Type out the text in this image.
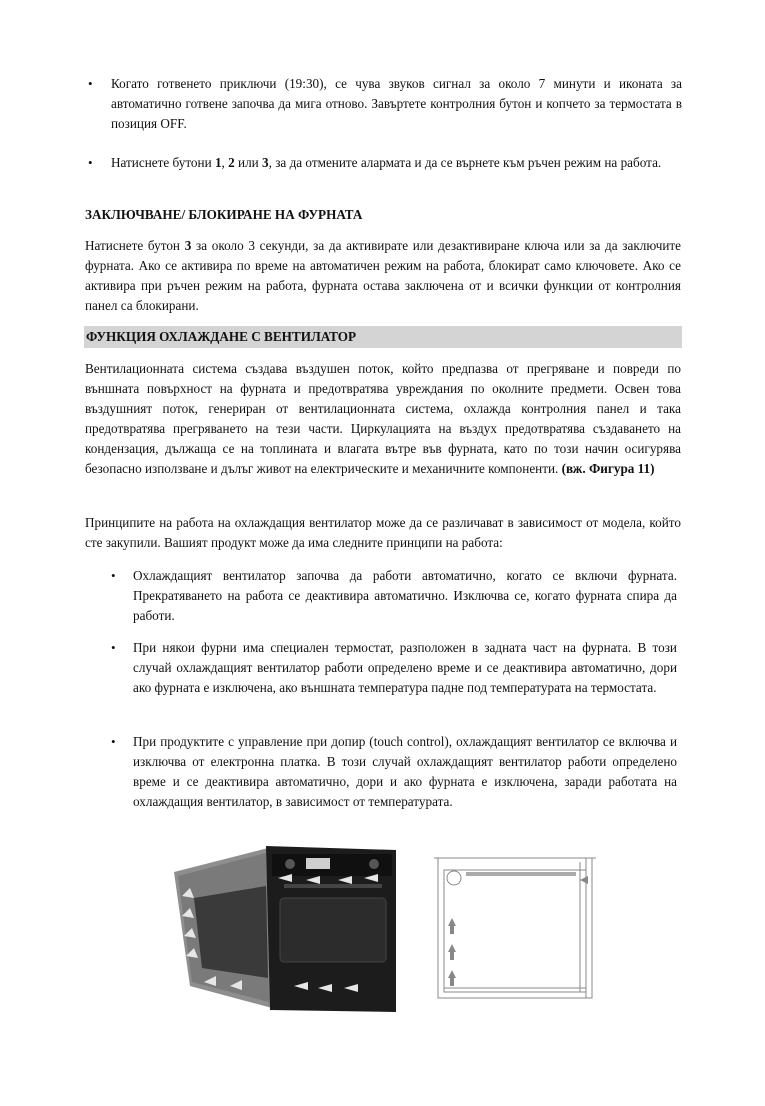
• Когато готвенето приключи (19:30), се чува звуков сигнал за около 7 минути и иконата за автоматично готвене започва да мига отново. Завъртете контролния бутон и копчето за термостата в позиция OFF.

• Натиснете бутони 1, 2 или 3, за да отмените алармата и да се върнете към ръчен режим на работа.

ЗАКЛЮЧВАНЕ/ БЛОКИРАНЕ НА ФУРНАТА

Натиснете бутон 3 за около 3 секунди, за да активирате или дезактивиране ключа или за да заключите фурната. Ако се активира по време на автоматичен режим на работа, блокират само ключовете. Ако се активира при ръчен режим на работа, фурната остава заключена от и всички функции от контролния панел са блокирани.

ФУНКЦИЯ ОХЛАЖДАНЕ С ВЕНТИЛАТОР

Вентилационната система създава въздушен поток, който предпазва от прегряване и повреди по външната повърхност на фурната и предотвратява увреждания по околните предмети. Освен това въздушният поток, генериран от вентилационната система, охлажда контролния панел и така предотвратява прегряването на тези части. Циркулацията на въздух предотвратява създаването на кондензация, дължаща се на топлината и влагата вътре във фурната, като по този начин осигурява безопасно използване и дълъг живот на електрическите и механичните компоненти. (вж. Фигура 11)

Принципите на работа на охлаждащия вентилатор може да се различават в зависимост от модела, който сте закупили. Вашият продукт може да има следните принципи на работа:

• Охлаждащият вентилатор започва да работи автоматично, когато се включи фурната. Прекратяването на работа се деактивира автоматично. Изключва се, когато фурната спира да работи.

• При някои фурни има специален термостат, разположен в задната част на фурната. В този случай охлаждащият вентилатор работи определено време и се деактивира автоматично, дори ако фурната е изключена, ако външната температура падне под температурата на термостата.

• При продуктите с управление при допир (touch control), охлаждащият вентилатор се включва и изключва от електронна платка. В този случай охлаждащият вентилатор работи определено време и се деактивира автоматично, дори и ако фурната е изключена, заради работата на охлаждащия вентилатор, в зависимост от температурата.
